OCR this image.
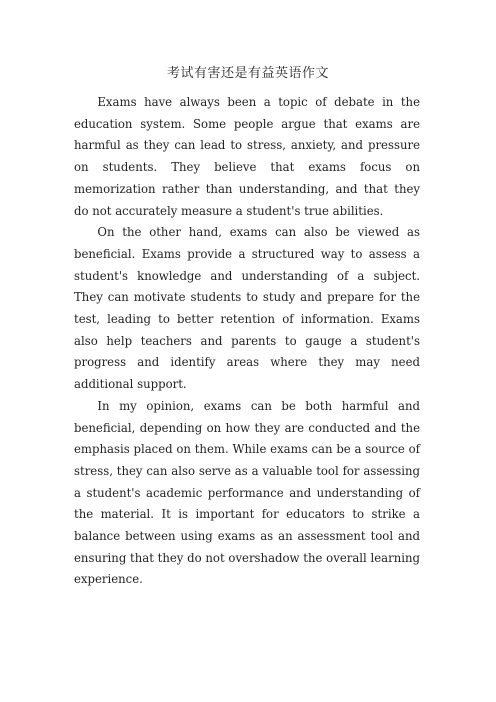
考试有害还是有益英语作文

Exams have always been a topic of debate in the education system. Some people argue that exams are harmful as they can lead to stress, anxiety, and pressure on students. They believe that exams focus on memorization rather than understanding, and that they do not accurately measure a student's true abilities.

On the other hand, exams can also be viewed as beneficial. Exams provide a structured way to assess a student's knowledge and understanding of a subject. They can motivate students to study and prepare for the test, leading to better retention of information. Exams also help teachers and parents to gauge a student's progress and identify areas where they may need additional support.

In my opinion, exams can be both harmful and beneficial, depending on how they are conducted and the emphasis placed on them. While exams can be a source of stress, they can also serve as a valuable tool for assessing a student's academic performance and understanding of the material. It is important for educators to strike a balance between using exams as an assessment tool and ensuring that they do not overshadow the overall learning experience.
